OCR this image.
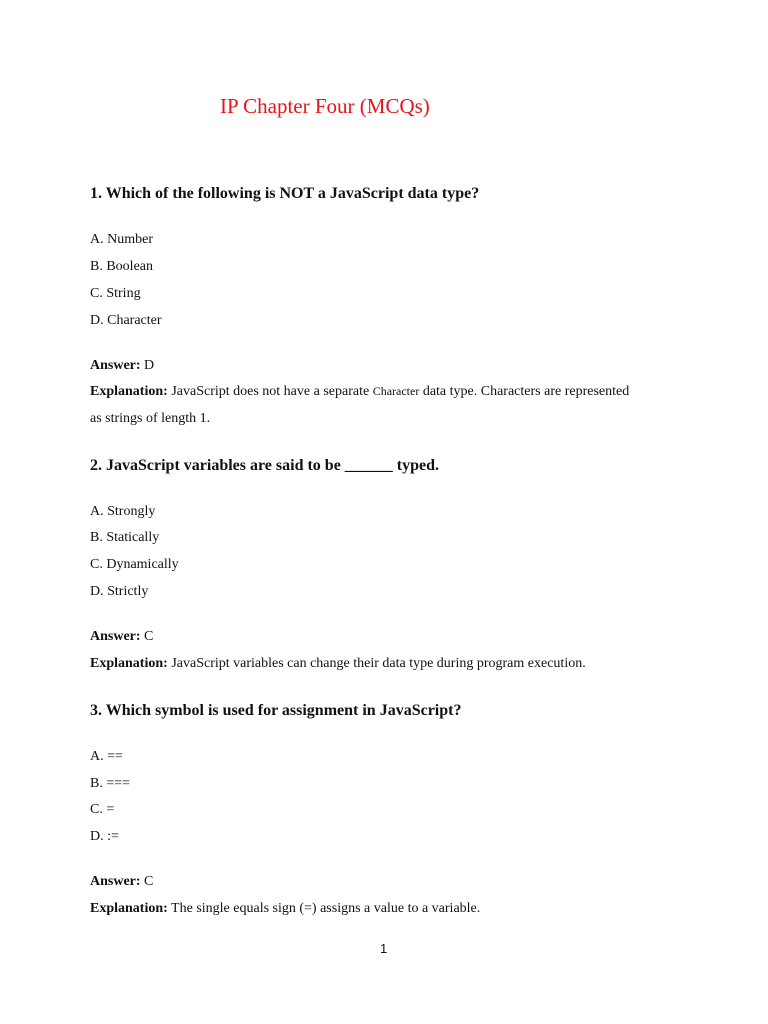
IP Chapter Four (MCQs)
1. Which of the following is NOT a JavaScript data type?
A. Number
B. Boolean
C. String
D. Character
Answer: D
Explanation: JavaScript does not have a separate Character data type. Characters are represented
as strings of length 1.
2. JavaScript variables are said to be ______ typed.
A. Strongly
B. Statically
C. Dynamically
D. Strictly
Answer: C
Explanation: JavaScript variables can change their data type during program execution.
3. Which symbol is used for assignment in JavaScript?
A. ==
B. ===
C. =
D. :=
Answer: C
Explanation: The single equals sign (=) assigns a value to a variable.
1
